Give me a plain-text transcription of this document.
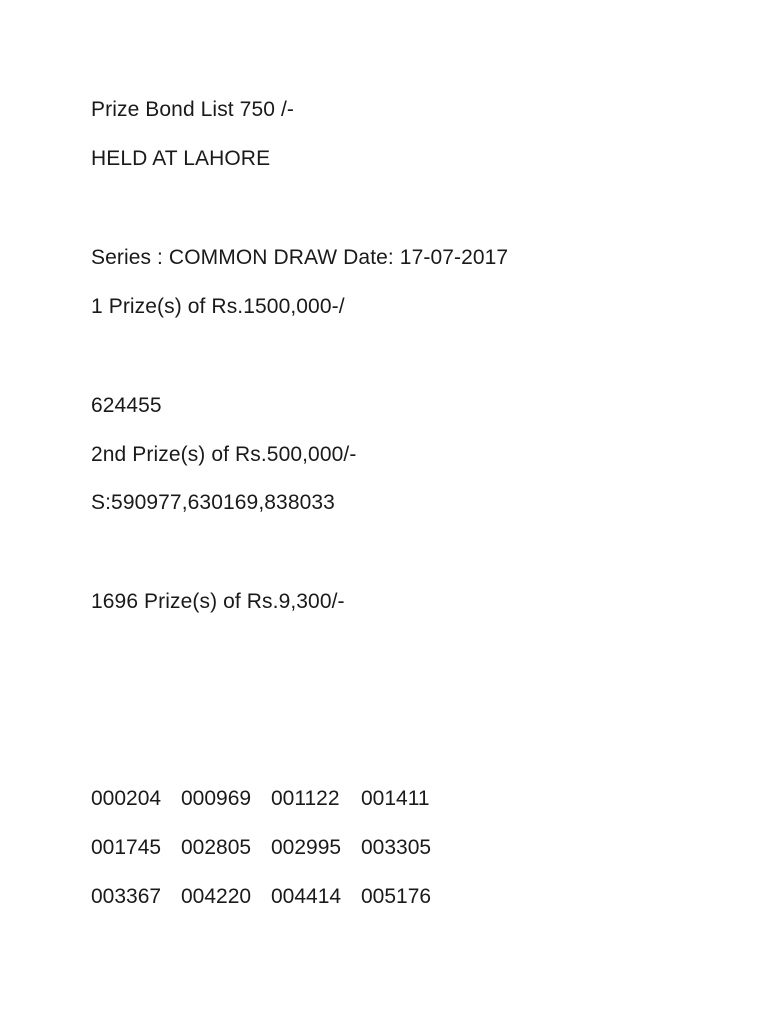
Prize Bond List 750 /-
HELD AT LAHORE
Series : COMMON DRAW Date: 17-07-2017
1 Prize(s) of Rs.1500,000-/
624455
2nd Prize(s) of Rs.500,000/-
S:590977,630169,838033
1696 Prize(s) of Rs.9,300/-
000204 000969 001122 001411
001745 002805 002995 003305
003367 004220 004414 005176
